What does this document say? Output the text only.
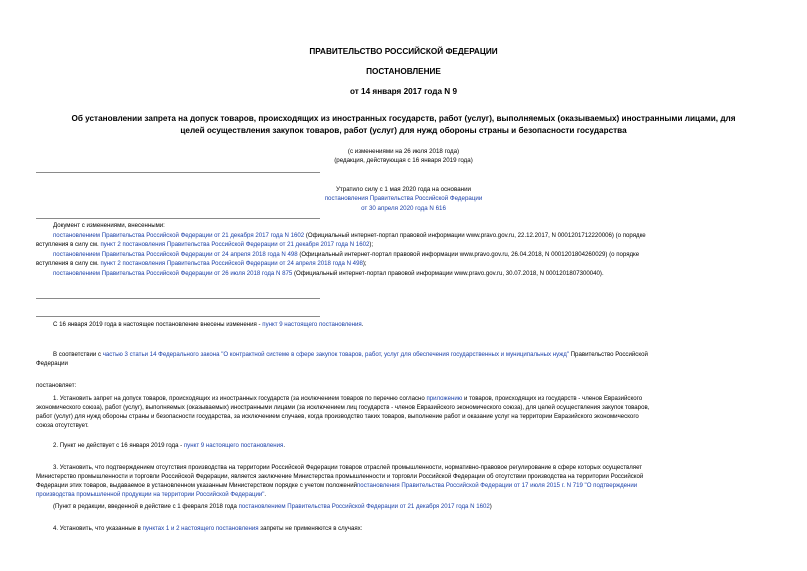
ПРАВИТЕЛЬСТВО РОССИЙСКОЙ ФЕДЕРАЦИИ
ПОСТАНОВЛЕНИЕ
от 14 января 2017 года N 9
Об установлении запрета на допуск товаров, происходящих из иностранных государств, работ (услуг), выполняемых (оказываемых) иностранными лицами, для
целей осуществления закупок товаров, работ (услуг) для нужд обороны страны и безопасности государства
(с изменениями на 26 июля 2018 года)
(редакция, действующая с 16 января 2019 года)
Утратило силу с 1 мая 2020 года на основании
постановления Правительства Российской Федерации
от 30 апреля 2020 года N 616

Документ с изменениями, внесенными:

постановлением Правительства Российской Федерации от 21 декабря 2017 года N 1602 (Официальный интернет-портал правовой информации www.pravo.gov.ru, 22.12.2017, N 0001201712220006) (о порядке

вступления в силу см. пункт 2 постановления Правительства Российской Федерации от 21 декабря 2017 года N 1602);

постановлением Правительства Российской Федерации от 24 апреля 2018 года N 498 (Официальный интернет-портал правовой информации www.pravo.gov.ru, 26.04.2018, N 0001201804260029) (о порядке

вступления в силу см. пункт 2 постановления Правительства Российской Федерации от 24 апреля 2018 года N 498);

постановлением Правительства Российской Федерации от 26 июля 2018 года N 875 (Официальный интернет-портал правовой информации www.pravo.gov.ru, 30.07.2018, N 0001201807300040).

С 16 января 2019 года в настоящее постановление внесены изменения - пункт 9 настоящего постановления.

В соответствии с частью 3 статьи 14 Федерального закона "О контрактной системе в сфере закупок товаров, работ, услуг для обеспечения государственных и муниципальных нужд" Правительство Российской

Федерации

постановляет:

1. Установить запрет на допуск товаров, происходящих из иностранных государств (за исключением товаров по перечню согласно приложению и товаров, происходящих из государств - членов Евразийского

экономического союза), работ (услуг), выполняемых (оказываемых) иностранными лицами (за исключением лиц государств - членов Евразийского экономического союза), для целей осуществления закупок товаров,

работ (услуг) для нужд обороны страны и безопасности государства, за исключением случаев, когда производство таких товаров, выполнение работ и оказание услуг на территории Евразийского экономического

союза отсутствует.

2. Пункт не действует с 16 января 2019 года - пункт 9 настоящего постановления.

3. Установить, что подтверждением отсутствия производства на территории Российской Федерации товаров отраслей промышленности, нормативно-правовое регулирование в сфере которых осуществляет

Министерство промышленности и торговли Российской Федерации, является заключение Министерства промышленности и торговли Российской Федерации об отсутствии производства на территории Российской

Федерации этих товаров, выдаваемое в установленном указанным Министерством порядке с учетом положенийпостановления Правительства Российской Федерации от 17 июля 2015 г. N 719 "О подтверждении

производства промышленной продукции на территории Российской Федерации".

(Пункт в редакции, введенной в действие с 1 февраля 2018 года постановлением Правительства Российской Федерации от 21 декабря 2017 года N 1602)

4. Установить, что указанные в пунктах 1 и 2 настоящего постановления запреты не применяются в случаях:
